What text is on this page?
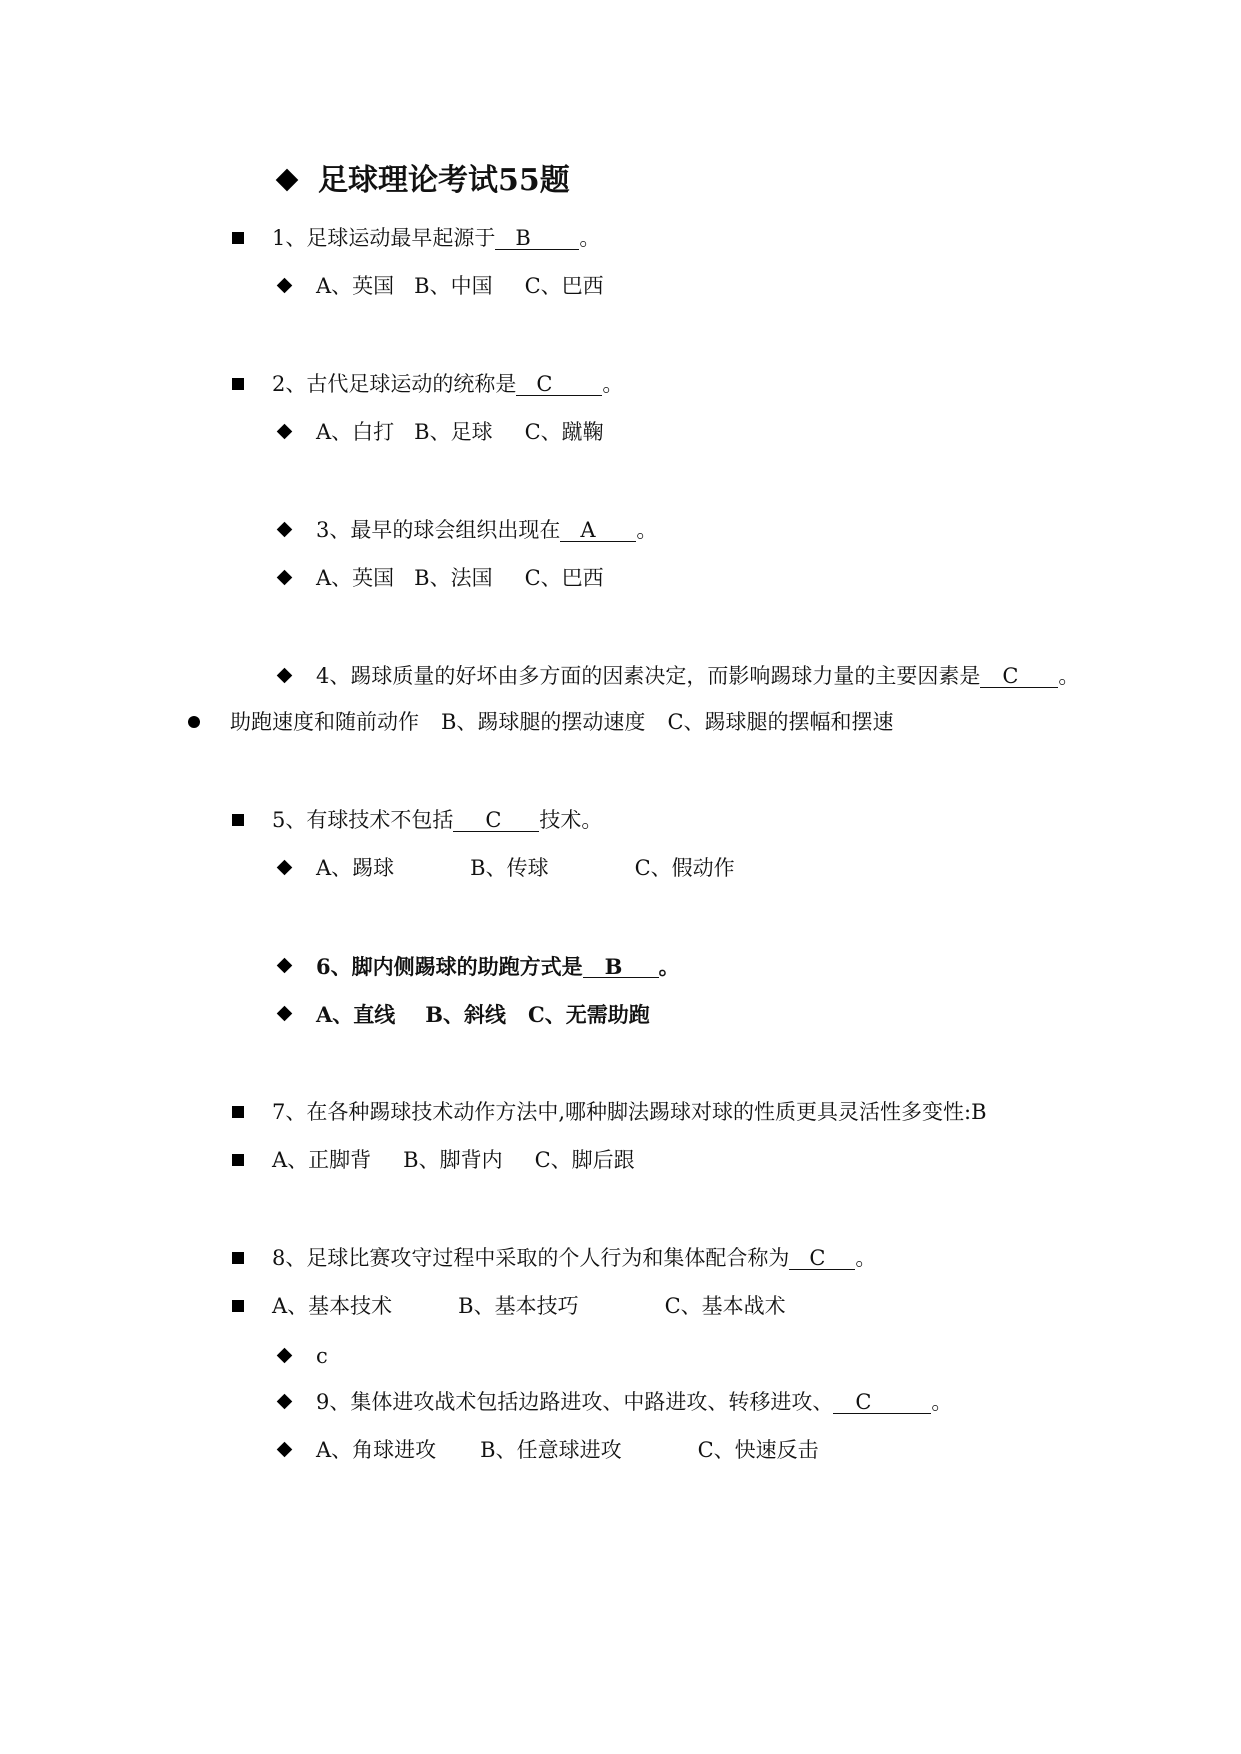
足球理论考试55题
1、足球运动最早起源于 B 。
A、英国 B、中国 C、巴西
2、古代足球运动的统称是 C 。
A、白打 B、足球 C、蹴鞠
3、最早的球会组织出现在 A 。
A、英国 B、法国 C、巴西
4、踢球质量的好坏由多方面的因素决定，而影响踢球力量的主要因素是 C 。
助跑速度和随前动作 B、踢球腿的摆动速度 C、踢球腿的摆幅和摆速
5、有球技术不包括 C 技术。
A、踢球	B、传球	C、假动作
6、脚内侧踢球的助跑方式是 B 。
A、直线 B、斜线 C、无需助跑
7、在各种踢球技术动作方法中,哪种脚法踢球对球的性质更具灵活性多变性:B
A、正脚背 B、脚背内 C、脚后跟
8、足球比赛攻守过程中采取的个人行为和集体配合称为 C 。
A、基本技术	B、基本技巧	C、基本战术
c
9、集体进攻战术包括边路进攻、中路进攻、转移进攻、 C	。
A、角球进攻 B、任意球进攻	C、快速反击
